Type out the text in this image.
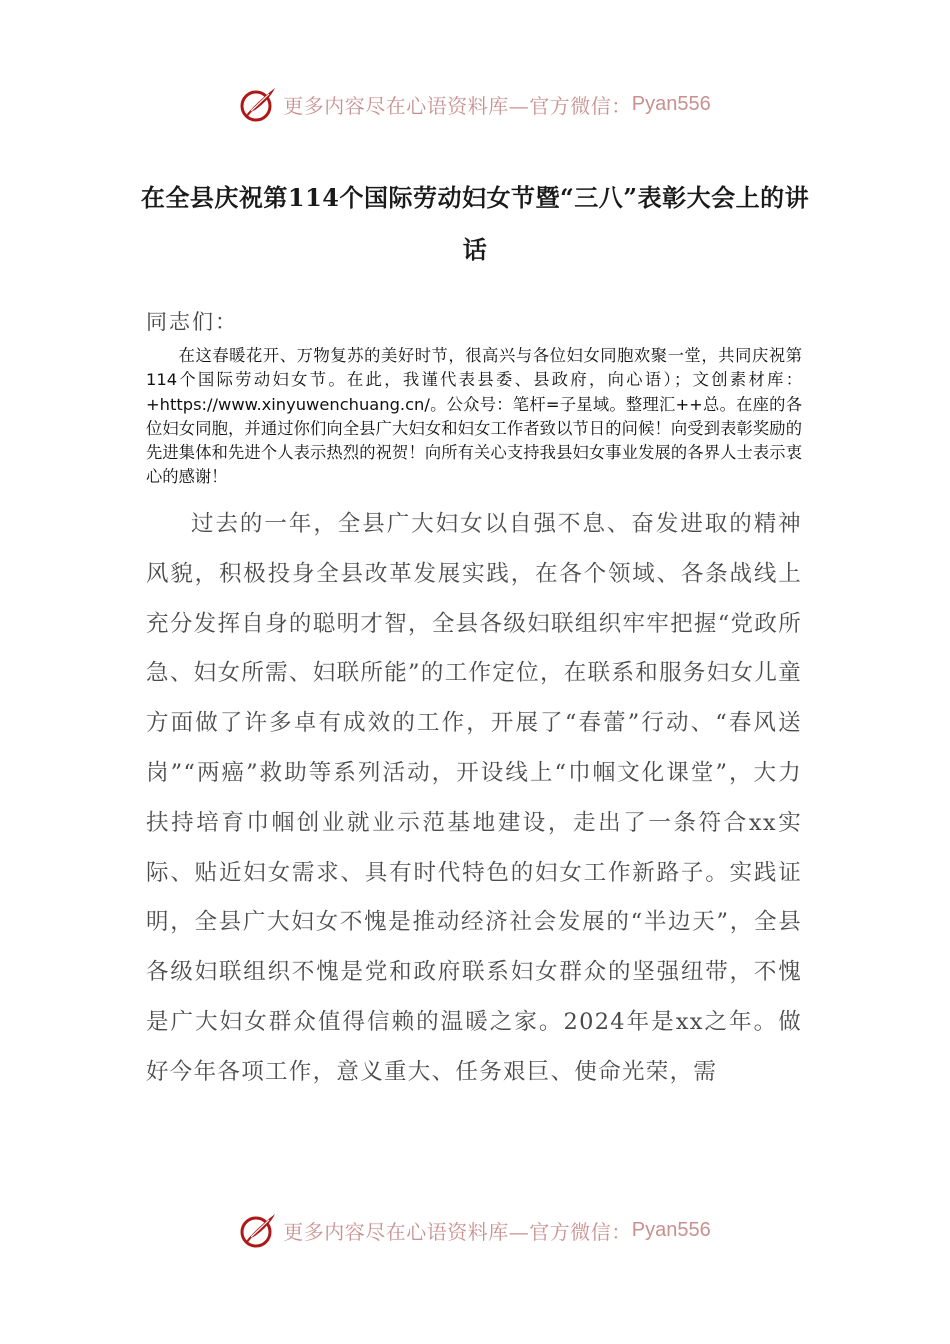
更多内容尽在心语资料库—官方微信： Pyan556
在全县庆祝第114个国际劳动妇女节暨“三八”表彰大会上的讲话
同志们：
在这春暖花开、万物复苏的美好时节，很高兴与各位妇女同胞欢聚一堂，共同庆祝第114个国际劳动妇女节。在此，我谨代表县委、县政府，向心语）；文创素材库：+https://www.xinyuwenchuang.cn/。公众号：笔杆=子星域。整理汇++总。在座的各位妇女同胞，并通过你们向全县广大妇女和妇女工作者致以节日的问候！向受到表彰奖励的先进集体和先进个人表示热烈的祝贺！向所有关心支持我县妇女事业发展的各界人士表示衷心的感谢！
过去的一年，全县广大妇女以自强不息、奋发进取的精神风貌，积极投身全县改革发展实践，在各个领域、各条战线上充分发挥自身的聪明才智，全县各级妇联组织牢牢把握“党政所急、妇女所需、妇联所能”的工作定位，在联系和服务妇女儿童方面做了许多卓有成效的工作，开展了“春蕾”行动、“春风送岗”“两癌”救助等系列活动，开设线上“巾帼文化课堂”，大力扶持培育巾帼创业就业示范基地建设，走出了一条符合xx实际、贴近妇女需求、具有时代特色的妇女工作新路子。实践证明，全县广大妇女不愧是推动经济社会发展的“半边天”，全县各级妇联组织不愧是党和政府联系妇女群众的坚强纽带，不愧是广大妇女群众值得信赖的温暖之家。2024年是xx之年。做好今年各项工作，意义重大、任务艰巨、使命光荣，需
更多内容尽在心语资料库—官方微信： Pyan556
